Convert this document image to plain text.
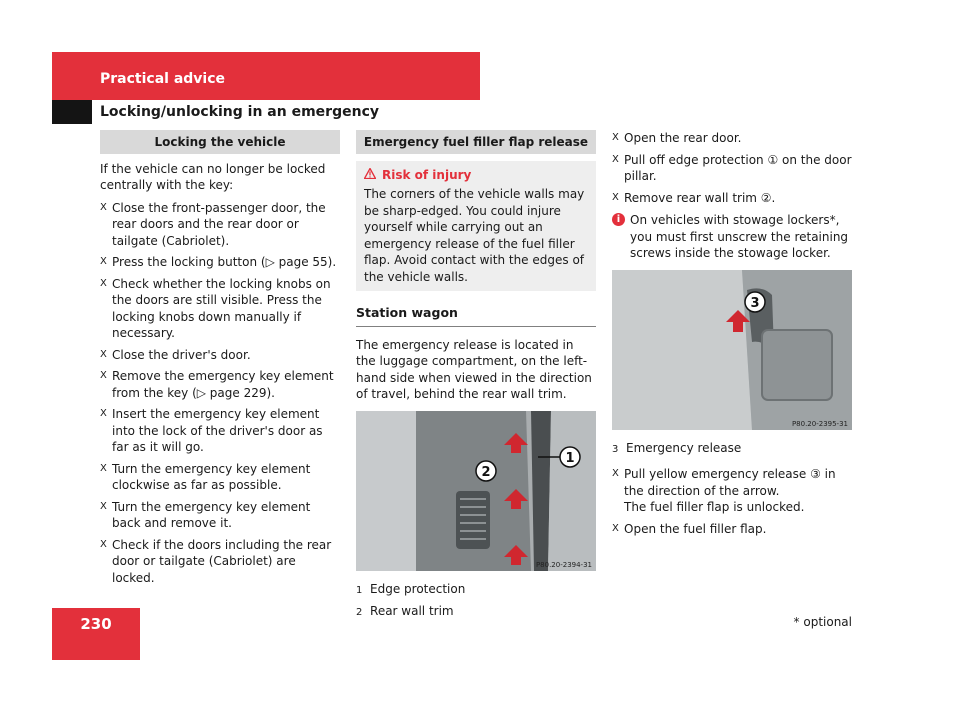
Practical advice
Locking/unlocking in an emergency
Locking the vehicle

If the vehicle can no longer be locked centrally with the key:

X Close the front-passenger door, the rear doors and the rear door or tailgate (Cabriolet).
X Press the locking button (▷ page 55).
X Check whether the locking knobs on the doors are still visible. Press the locking knobs down manually if necessary.
X Close the driver's door.
X Remove the emergency key element from the key (▷ page 229).
X Insert the emergency key element into the lock of the driver's door as far as it will go.
X Turn the emergency key element clockwise as far as possible.
X Turn the emergency key element back and remove it.
X Check if the doors including the rear door or tailgate (Cabriolet) are locked.
Emergency fuel filler flap release
Risk of injury
The corners of the vehicle walls may be sharp-edged. You could injure yourself while carrying out an emergency release of the fuel filler flap. Avoid contact with the edges of the vehicle walls.
Station wagon

The emergency release is located in the luggage compartment, on the left-hand side when viewed in the direction of travel, behind the rear wall trim.

1
2
P80.20-2394-31
1 Edge protection
2 Rear wall trim
X Open the rear door.
X Pull off edge protection ① on the door pillar.
X Remove rear wall trim ②.
i On vehicles with stowage lockers*, you must first unscrew the retaining screws inside the stowage locker.
3
P80.20-2395-31
3 Emergency release
X Pull yellow emergency release ③ in the direction of the arrow.
The fuel filler flap is unlocked.
X Open the fuel filler flap.
230	* optional
